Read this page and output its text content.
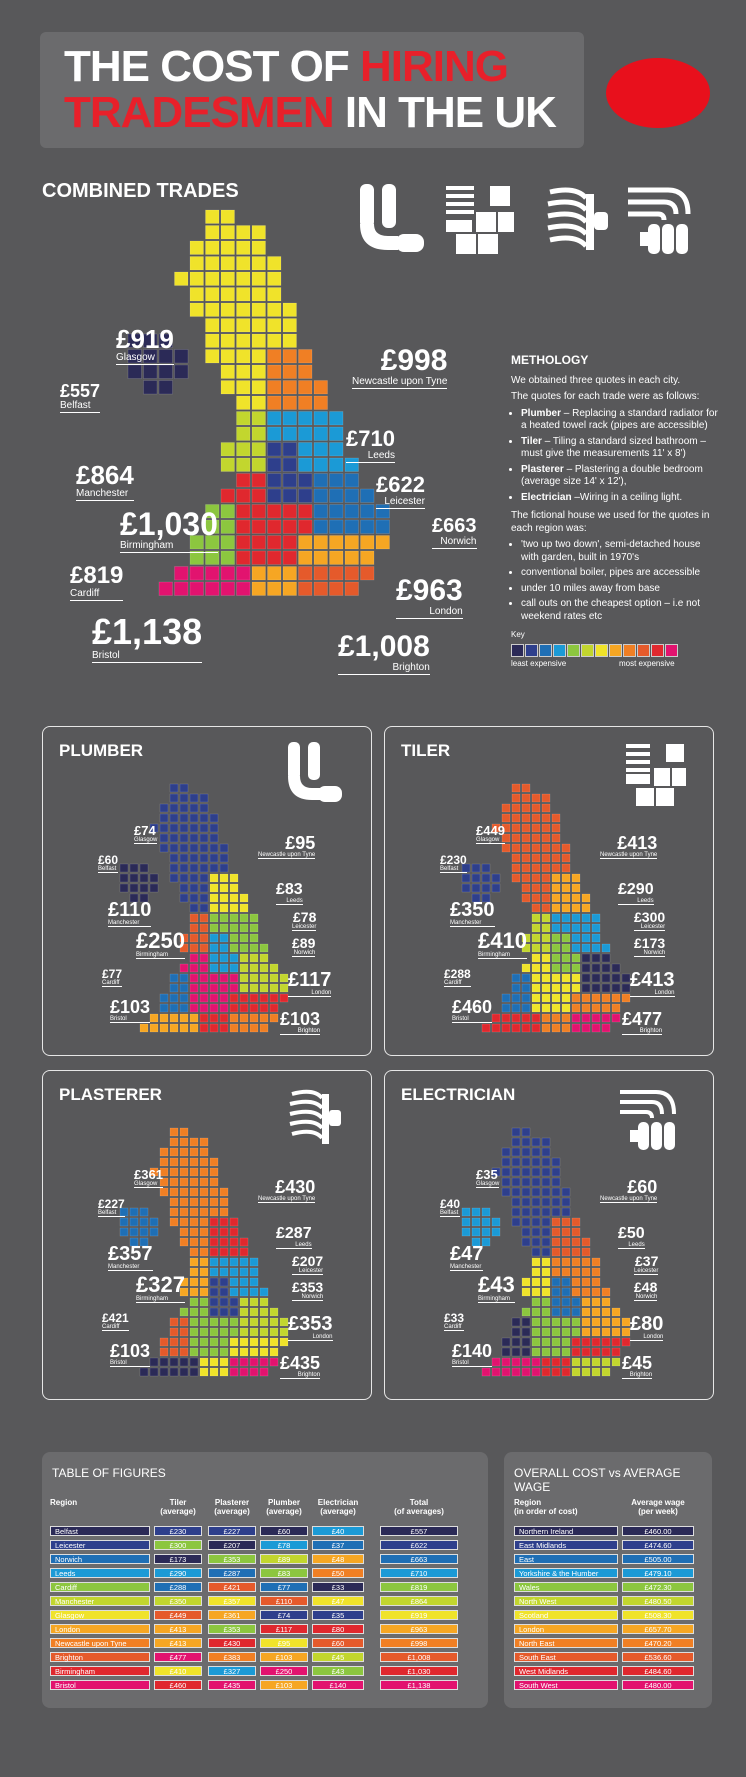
THE COST OF HIRING
TRADESMEN IN THE UK
COMBINED TRADES
£919
Glasgow	£998
Newcastle upon Tyne
£557
Belfast
£710
Leeds
£864
Manchester	£622
Leicester
£1,030
Birmingham
£663
Norwich
£819
Cardiff	£963
London
£1,138
Bristol	£1,008
Brighton
METHOLOGY

We obtained three quotes in each city.

The quotes for each trade were as follows:

• Plumber – Replacing a standard radiator for a heated towel rack (pipes are accessible)
• Tiler – Tiling a standard sized bathroom – must give the measurements 11' x 8')
• Plasterer – Plastering a double bedroom (average size 14' x 12'),
• Electrician –Wiring in a ceiling light.

The fictional house we used for the quotes in each region was:

• 'two up two down', semi-detached house with garden, built in 1970's
• conventional boiler, pipes are accessible
• under 10 miles away from base
• call outs on the cheapest option – i.e not weekend rates etc
Key
least expensive	most expensive
PLUMBER	TILER
PLASTERER	ELECTRICIAN
£74
Glasgow	£95
Newcastle upon Tyne
£60
Belfast
£83
Leeds
£110
Manchester	£78
Leicester
£250
Birmingham
£89
Norwich
£77
Cardiff	£117
London
£103
Bristol	£103
Brighton
£449
Glasgow	£413
Newcastle upon Tyne
£230
Belfast
£290
Leeds
£350
Manchester	£300
Leicester
£410
Birmingham
£173
Norwich
£288
Cardiff	£413
London
£460
Bristol	£477
Brighton
£361
Glasgow	£430
Newcastle upon Tyne
£227
Belfast
£287
Leeds
£357
Manchester	£207
Leicester
£327
Birmingham
£353
Norwich
£421
Cardiff	£353
London
£103
Bristol	£435
Brighton
£35
Glasgow	£60
Newcastle upon Tyne
£40
Belfast
£50
Leeds
£47
Manchester	£37
Leicester
£43
Birmingham
£48
Norwich
£33
Cardiff	£80
London
£140
Bristol	£45
Brighton
TABLE OF FIGURES
Region	Tiler
(average)
Plasterer
(average)
Plumber
(average)
Electrician
(average)
Total
(of averages)
Belfast	£230	£227	£60	£40	£557
Leicester	£300	£207	£78	£37	£622
Norwich	£173	£353	£89	£48	£663
Leeds	£290	£287	£83	£50	£710
Cardiff	£288	£421	£77	£33	£819
Manchester	£350	£357	£110	£47	£864
Glasgow	£449	£361	£74	£35	£919
London	£413	£353	£117	£80	£963
Newcastle upon Tyne	£413	£430	£95	£60	£998
Brighton	£477	£383	£103	£45	£1,008
Birmingham	£410	£327	£250	£43	£1,030
Bristol	£460	£435	£103	£140	£1,138
OVERALL COST vs AVERAGE WAGE
Region
(in order of cost)
Average wage
(per week)
Northern Ireland	£460.00
East Midlands	£474.60
East	£505.00
Yorkshire & the Humber	£479.10
Wales	£472.30
North West	£480.50
Scotland	£508.30
London	£657.70
North East	£470.20
South East	£536.60
West Midlands	£484.60
South West	£480.00
